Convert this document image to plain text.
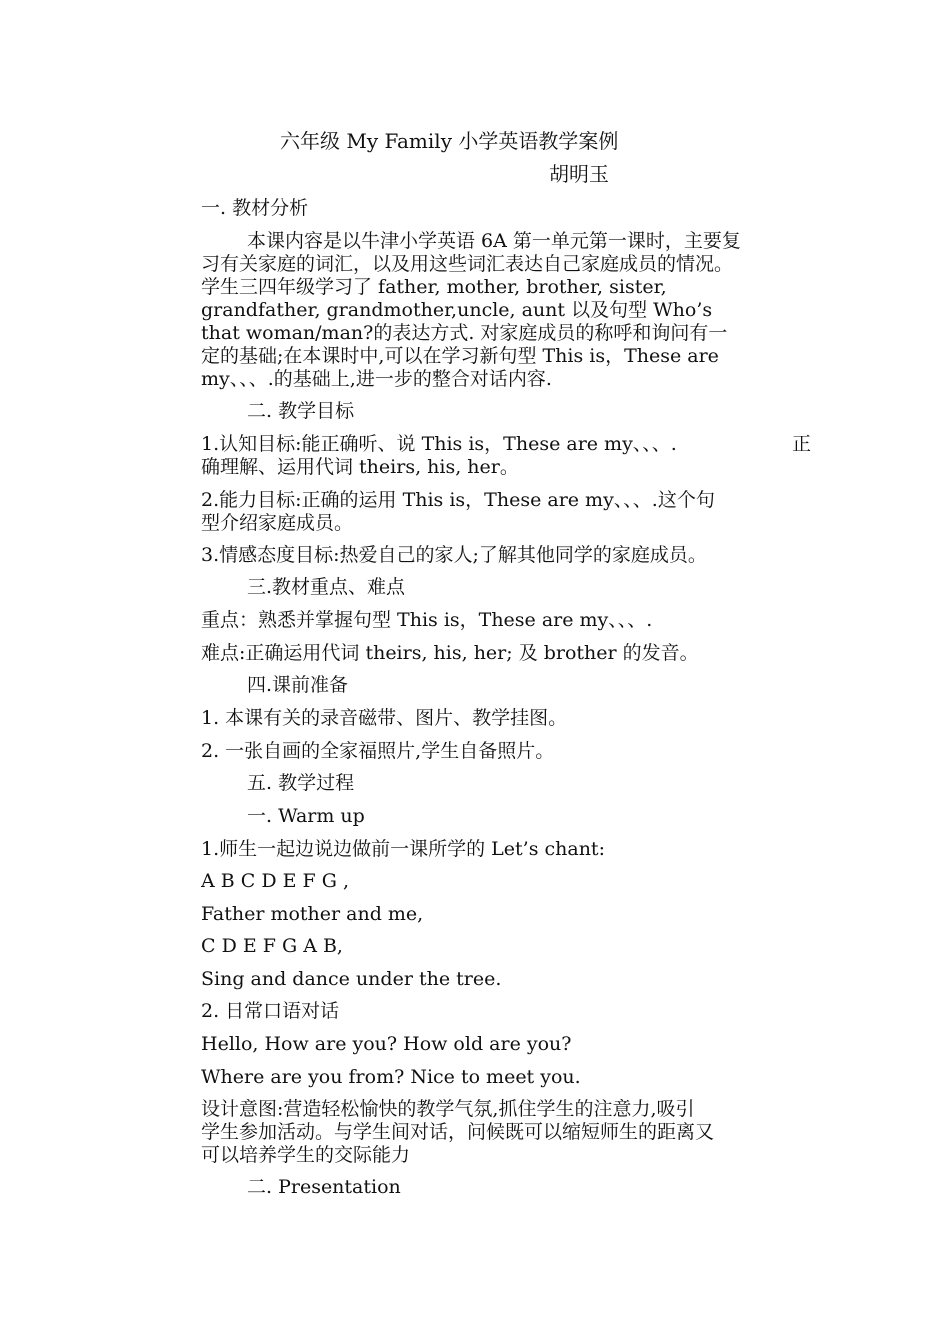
六年级 My Family 小学英语教学案例
胡明玉
一. 教材分析
本课内容是以牛津小学英语 6A 第一单元第一课时，主要复
习有关家庭的词汇，以及用这些词汇表达自己家庭成员的情况。
学生三四年级学习了 father, mother, brother, sister,
grandfather, grandmother,uncle, aunt 以及句型 Who’s
that woman/man?的表达方式. 对家庭成员的称呼和询问有一
定的基础;在本课时中,可以在学习新句型 This is，These are
my、、、.的基础上,进一步的整合对话内容.
二. 教学目标
1.认知目标:能正确听、说 This is，These are my、、、.	正
确理解、运用代词 theirs, his, her。
2.能力目标:正确的运用 This is，These are my、、、.这个句
型介绍家庭成员。
3.情感态度目标:热爱自己的家人;了解其他同学的家庭成员。
三.教材重点、难点
重点：熟悉并掌握句型 This is，These are my、、、.
难点:正确运用代词 theirs, his, her; 及 brother 的发音。
四.课前准备
1. 本课有关的录音磁带、图片、教学挂图。
2. 一张自画的全家福照片,学生自备照片。
五. 教学过程
一. Warm up
1.师生一起边说边做前一课所学的 Let’s chant:
A B C D E F G ,
Father mother and me,
C D E F G A B,
Sing and dance under the tree.
2. 日常口语对话
Hello, How are you? How old are you?
Where are you from? Nice to meet you.
设计意图:营造轻松愉快的教学气氛,抓住学生的注意力,吸引
学生参加活动。与学生间对话，问候既可以缩短师生的距离又
可以培养学生的交际能力
二. Presentation
